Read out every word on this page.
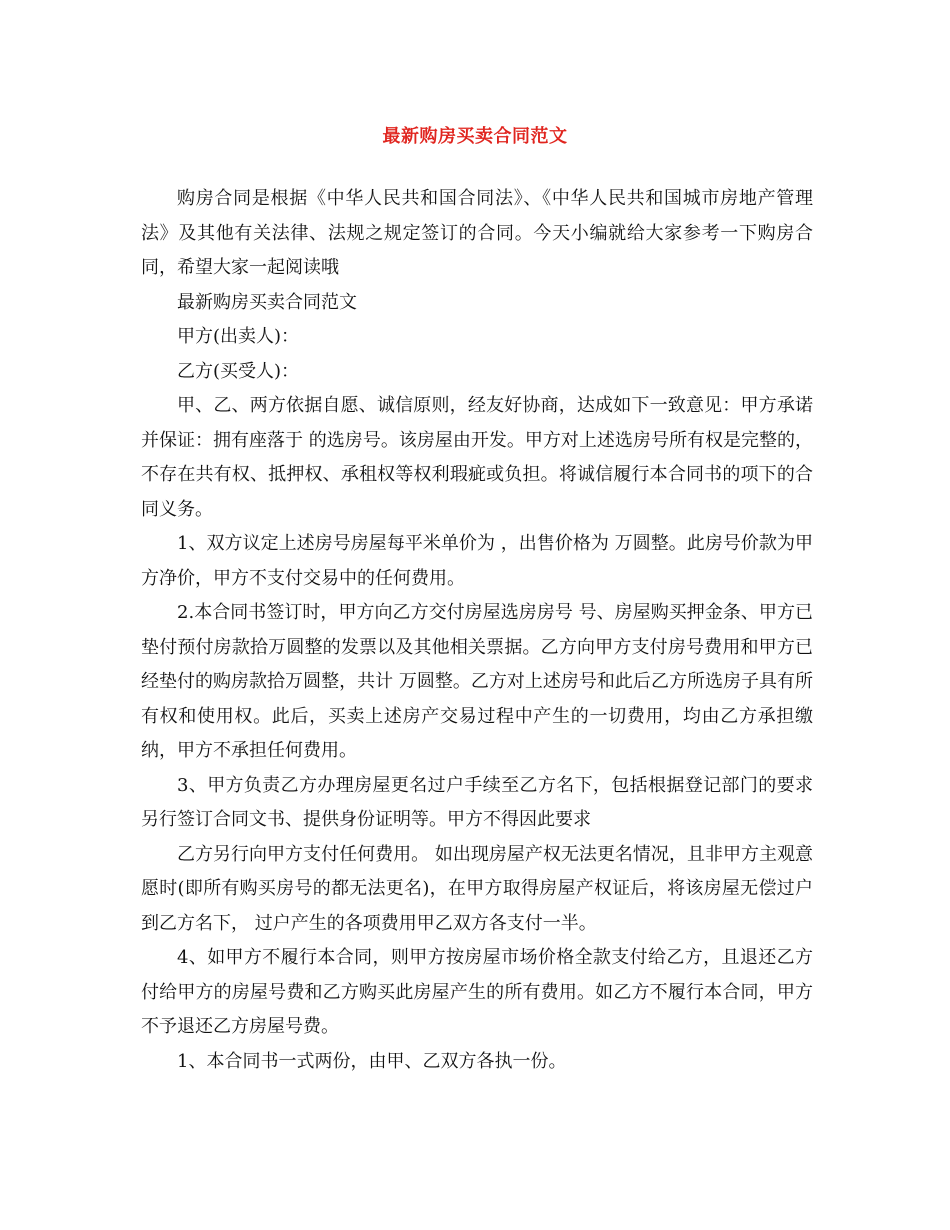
最新购房买卖合同范文

购房合同是根据《中华人民共和国合同法》、《中华人民共和国城市房地产管理法》及其他有关法律、法规之规定签订的合同。今天小编就给大家参考一下购房合同，希望大家一起阅读哦

最新购房买卖合同范文

甲方(出卖人)：

乙方(买受人)：

甲、乙、两方依据自愿、诚信原则，经友好协商，达成如下一致意见：甲方承诺并保证：拥有座落于 的选房号。该房屋由开发。甲方对上述选房号所有权是完整的，不存在共有权、抵押权、承租权等权利瑕疵或负担。将诚信履行本合同书的项下的合同义务。

1、双方议定上述房号房屋每平米单价为 ，出售价格为 万圆整。此房号价款为甲方净价，甲方不支付交易中的任何费用。

2.本合同书签订时，甲方向乙方交付房屋选房房号 号、房屋购买押金条、甲方已垫付预付房款拾万圆整的发票以及其他相关票据。乙方向甲方支付房号费用和甲方已经垫付的购房款拾万圆整，共计 万圆整。乙方对上述房号和此后乙方所选房子具有所有权和使用权。此后，买卖上述房产交易过程中产生的一切费用，均由乙方承担缴纳，甲方不承担任何费用。

3、甲方负责乙方办理房屋更名过户手续至乙方名下，包括根据登记部门的要求另行签订合同文书、提供身份证明等。甲方不得因此要求

乙方另行向甲方支付任何费用。 如出现房屋产权无法更名情况，且非甲方主观意愿时(即所有购买房号的都无法更名)，在甲方取得房屋产权证后，将该房屋无偿过户到乙方名下， 过户产生的各项费用甲乙双方各支付一半。

4、如甲方不履行本合同，则甲方按房屋市场价格全款支付给乙方，且退还乙方付给甲方的房屋号费和乙方购买此房屋产生的所有费用。如乙方不履行本合同，甲方不予退还乙方房屋号费。

1、本合同书一式两份，由甲、乙双方各执一份。
